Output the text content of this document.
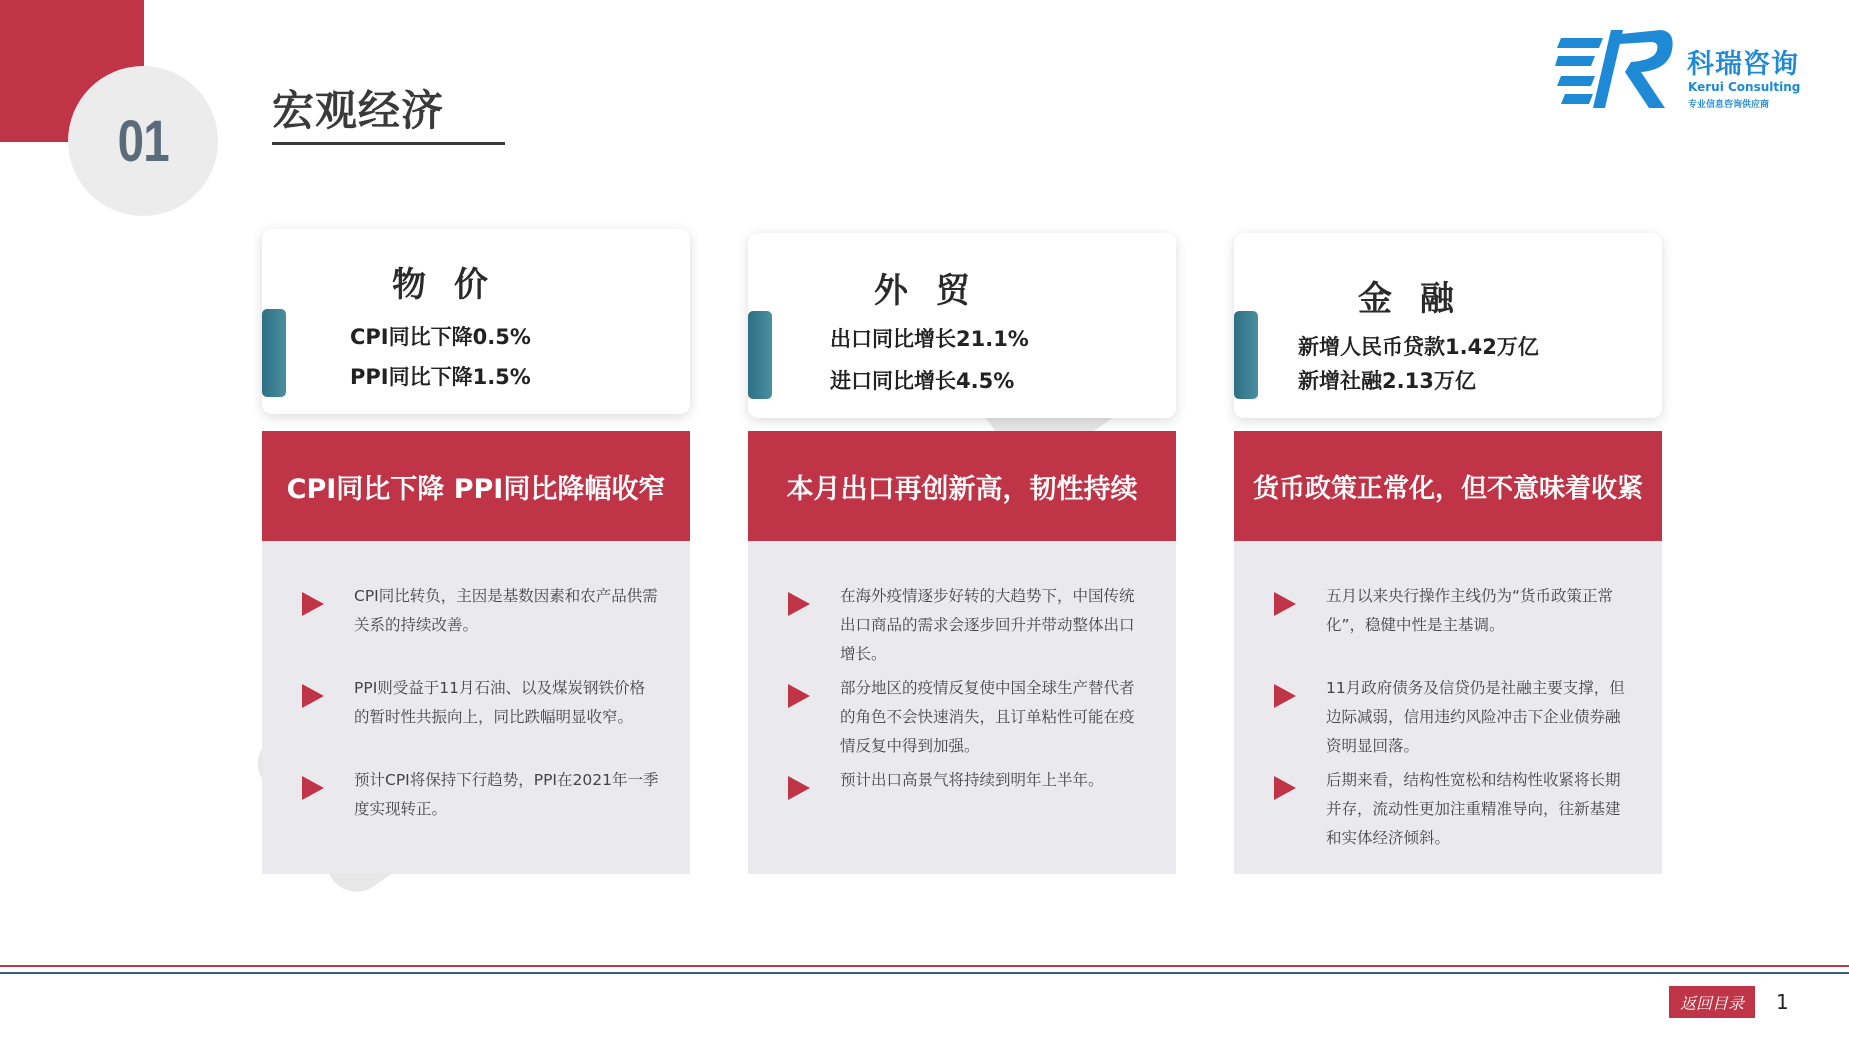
01 宏观经济
科瑞咨询
Kerui Consulting
专业信息咨询供应商
物 价
CPI同比下降0.5%
PPI同比下降1.5%
外 贸
出口同比增长21.1%
进口同比增长4.5%
金 融
新增人民币贷款1.42万亿
新增社融2.13万亿
CPI同比下降 PPI同比降幅收窄	本月出口再创新高，韧性持续	货币政策正常化，但不意味着收紧
CPI同比转负，主因是基数因素和农产品供需关系的持续改善。
PPI则受益于11月石油、以及煤炭钢铁价格的暂时性共振向上，同比跌幅明显收窄。
预计CPI将保持下行趋势，PPI在2021年一季度实现转正。
在海外疫情逐步好转的大趋势下，中国传统出口商品的需求会逐步回升并带动整体出口增长。
部分地区的疫情反复使中国全球生产替代者的角色不会快速消失，且订单粘性可能在疫情反复中得到加强。
预计出口高景气将持续到明年上半年。
五月以来央行操作主线仍为“货币政策正常化”，稳健中性是主基调。
11月政府债务及信贷仍是社融主要支撑，但边际减弱，信用违约风险冲击下企业债券融资明显回落。
后期来看，结构性宽松和结构性收紧将长期并存，流动性更加注重精准导向，往新基建和实体经济倾斜。
返回目录	1
